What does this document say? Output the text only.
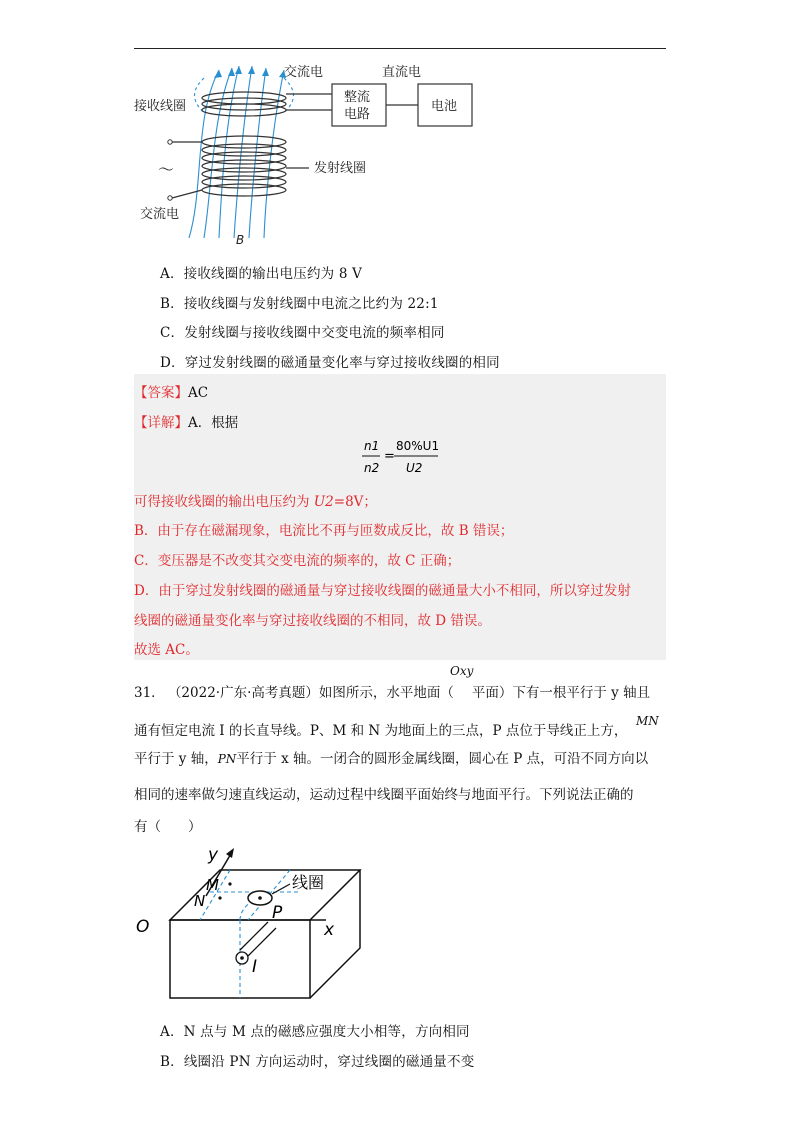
交流电	直流电
接收线圈
整流
电路
电池
～	发射线圈
交流电
B
A．接收线圈的输出电压约为 8 V
B．接收线圈与发射线圈中电流之比约为 22:1
C．发射线圈与接收线圈中交变电流的频率相同
D．穿过发射线圈的磁通量变化率与穿过接收线圈的相同
【答案】AC
【详解】A．根据
n1
n2
=
80%U1
U2
可得接收线圈的输出电压约为 U2=8V；
B．由于存在磁漏现象，电流比不再与匝数成反比，故 B 错误；
C．变压器是不改变其交变电流的频率的，故 C 正确；
D．由于穿过发射线圈的磁通量与穿过接收线圈的磁通量大小不相同，所以穿过发射
线圈的磁通量变化率与穿过接收线圈的不相同，故 D 错误。
故选 AC。
Oxy
31． （2022·广东·高考真题）如图所示，水平地面（ 平面）下有一根平行于 y 轴且
通有恒定电流 I 的长直导线。P、M 和 N 为地面上的三点，P 点位于导线正上方，
MN
平行于 y 轴，PN平行于 x 轴。一闭合的圆形金属线圈，圆心在 P 点，可沿不同方向以
相同的速率做匀速直线运动，运动过程中线圈平面始终与地面平行。下列说法正确的
有（　　）
y
x
O
M
N
P
I
线圈
A．N 点与 M 点的磁感应强度大小相等，方向相同
B．线圈沿 PN 方向运动时，穿过线圈的磁通量不变
